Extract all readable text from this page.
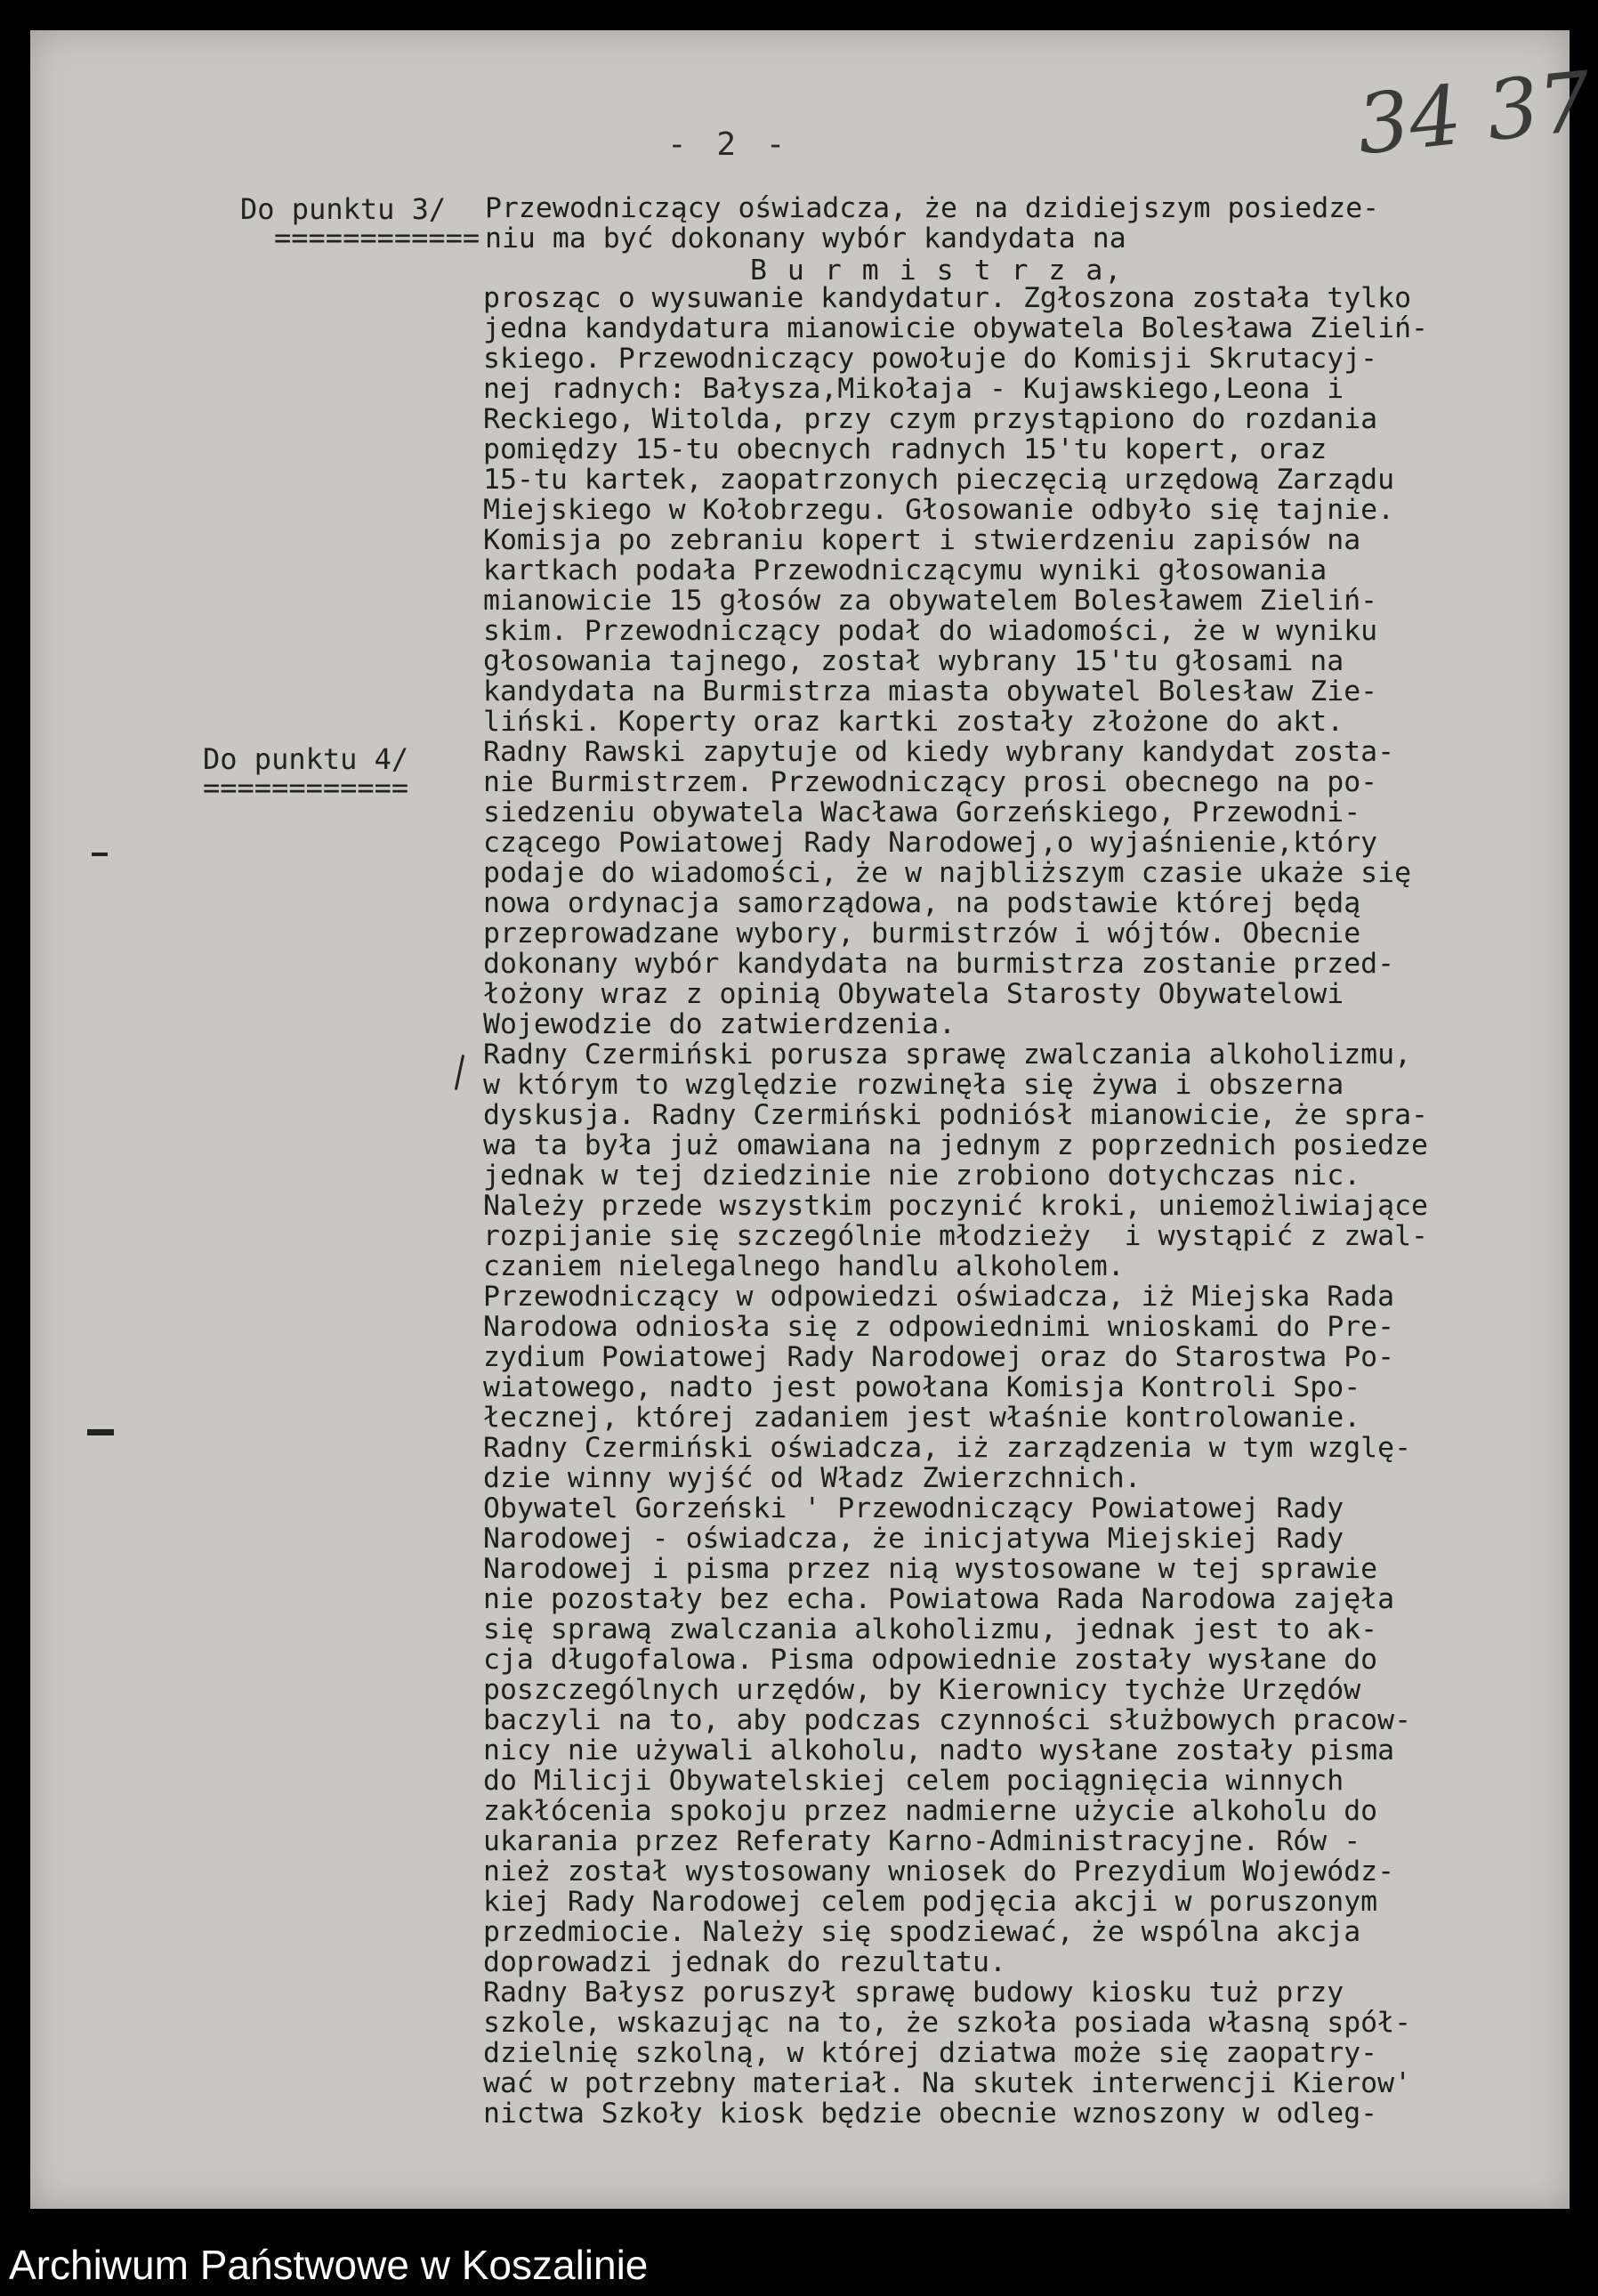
- 2 -	34 37
Do punktu 3/
============
Do punktu 4/
============
Przewodniczący oświadcza, że na dzidiejszym posiedze-
niu ma być dokonany wybór kandydata na
B u r m i s t r z a,
prosząc o wysuwanie kandydatur. Zgłoszona została tylko
jedna kandydatura mianowicie obywatela Bolesława Zieliń-
skiego. Przewodniczący powołuje do Komisji Skrutacyj-
nej radnych: Bałysza,Mikołaja - Kujawskiego,Leona i
Reckiego, Witolda, przy czym przystąpiono do rozdania
pomiędzy 15-tu obecnych radnych 15'tu kopert, oraz
15-tu kartek, zaopatrzonych pieczęcią urzędową Zarządu
Miejskiego w Kołobrzegu. Głosowanie odbyło się tajnie.
Komisja po zebraniu kopert i stwierdzeniu zapisów na
kartkach podała Przewodniczącymu wyniki głosowania
mianowicie 15 głosów za obywatelem Bolesławem Zieliń-
skim. Przewodniczący podał do wiadomości, że w wyniku
głosowania tajnego, został wybrany 15'tu głosami na
kandydata na Burmistrza miasta obywatel Bolesław Zie-
liński. Koperty oraz kartki zostały złożone do akt.
Radny Rawski zapytuje od kiedy wybrany kandydat zosta-
nie Burmistrzem. Przewodniczący prosi obecnego na po-
siedzeniu obywatela Wacława Gorzeńskiego, Przewodni-
czącego Powiatowej Rady Narodowej,o wyjaśnienie,który
podaje do wiadomości, że w najbliższym czasie ukaże się
nowa ordynacja samorządowa, na podstawie której będą
przeprowadzane wybory, burmistrzów i wójtów. Obecnie
dokonany wybór kandydata na burmistrza zostanie przed-
łożony wraz z opinią Obywatela Starosty Obywatelowi
Wojewodzie do zatwierdzenia.
Radny Czermiński porusza sprawę zwalczania alkoholizmu,
w którym to względzie rozwinęła się żywa i obszerna
dyskusja. Radny Czermiński podniósł mianowicie, że spra-
wa ta była już omawiana na jednym z poprzednich posiedze
jednak w tej dziedzinie nie zrobiono dotychczas nic.
Należy przede wszystkim poczynić kroki, uniemożliwiające
rozpijanie się szczególnie młodzieży  i wystąpić z zwal-
czaniem nielegalnego handlu alkoholem.
Przewodniczący w odpowiedzi oświadcza, iż Miejska Rada
Narodowa odniosła się z odpowiednimi wnioskami do Pre-
zydium Powiatowej Rady Narodowej oraz do Starostwa Po-
wiatowego, nadto jest powołana Komisja Kontroli Spo-
łecznej, której zadaniem jest właśnie kontrolowanie.
Radny Czermiński oświadcza, iż zarządzenia w tym wzglę-
dzie winny wyjść od Władz Zwierzchnich.
Obywatel Gorzeński ' Przewodniczący Powiatowej Rady
Narodowej - oświadcza, że inicjatywa Miejskiej Rady
Narodowej i pisma przez nią wystosowane w tej sprawie
nie pozostały bez echa. Powiatowa Rada Narodowa zajęła
się sprawą zwalczania alkoholizmu, jednak jest to ak-
cja długofalowa. Pisma odpowiednie zostały wysłane do
poszczególnych urzędów, by Kierownicy tychże Urzędów
baczyli na to, aby podczas czynności służbowych pracow-
nicy nie używali alkoholu, nadto wysłane zostały pisma
do Milicji Obywatelskiej celem pociągnięcia winnych
zakłócenia spokoju przez nadmierne użycie alkoholu do
ukarania przez Referaty Karno-Administracyjne. Rów -
nież został wystosowany wniosek do Prezydium Wojewódz-
kiej Rady Narodowej celem podjęcia akcji w poruszonym
przedmiocie. Należy się spodziewać, że wspólna akcja
doprowadzi jednak do rezultatu.
Radny Bałysz poruszył sprawę budowy kiosku tuż przy
szkole, wskazując na to, że szkoła posiada własną spół-
dzielnię szkolną, w której dziatwa może się zaopatry-
wać w potrzebny materiał. Na skutek interwencji Kierow'
nictwa Szkoły kiosk będzie obecnie wznoszony w odleg-
Archiwum Państwowe w Koszalinie
